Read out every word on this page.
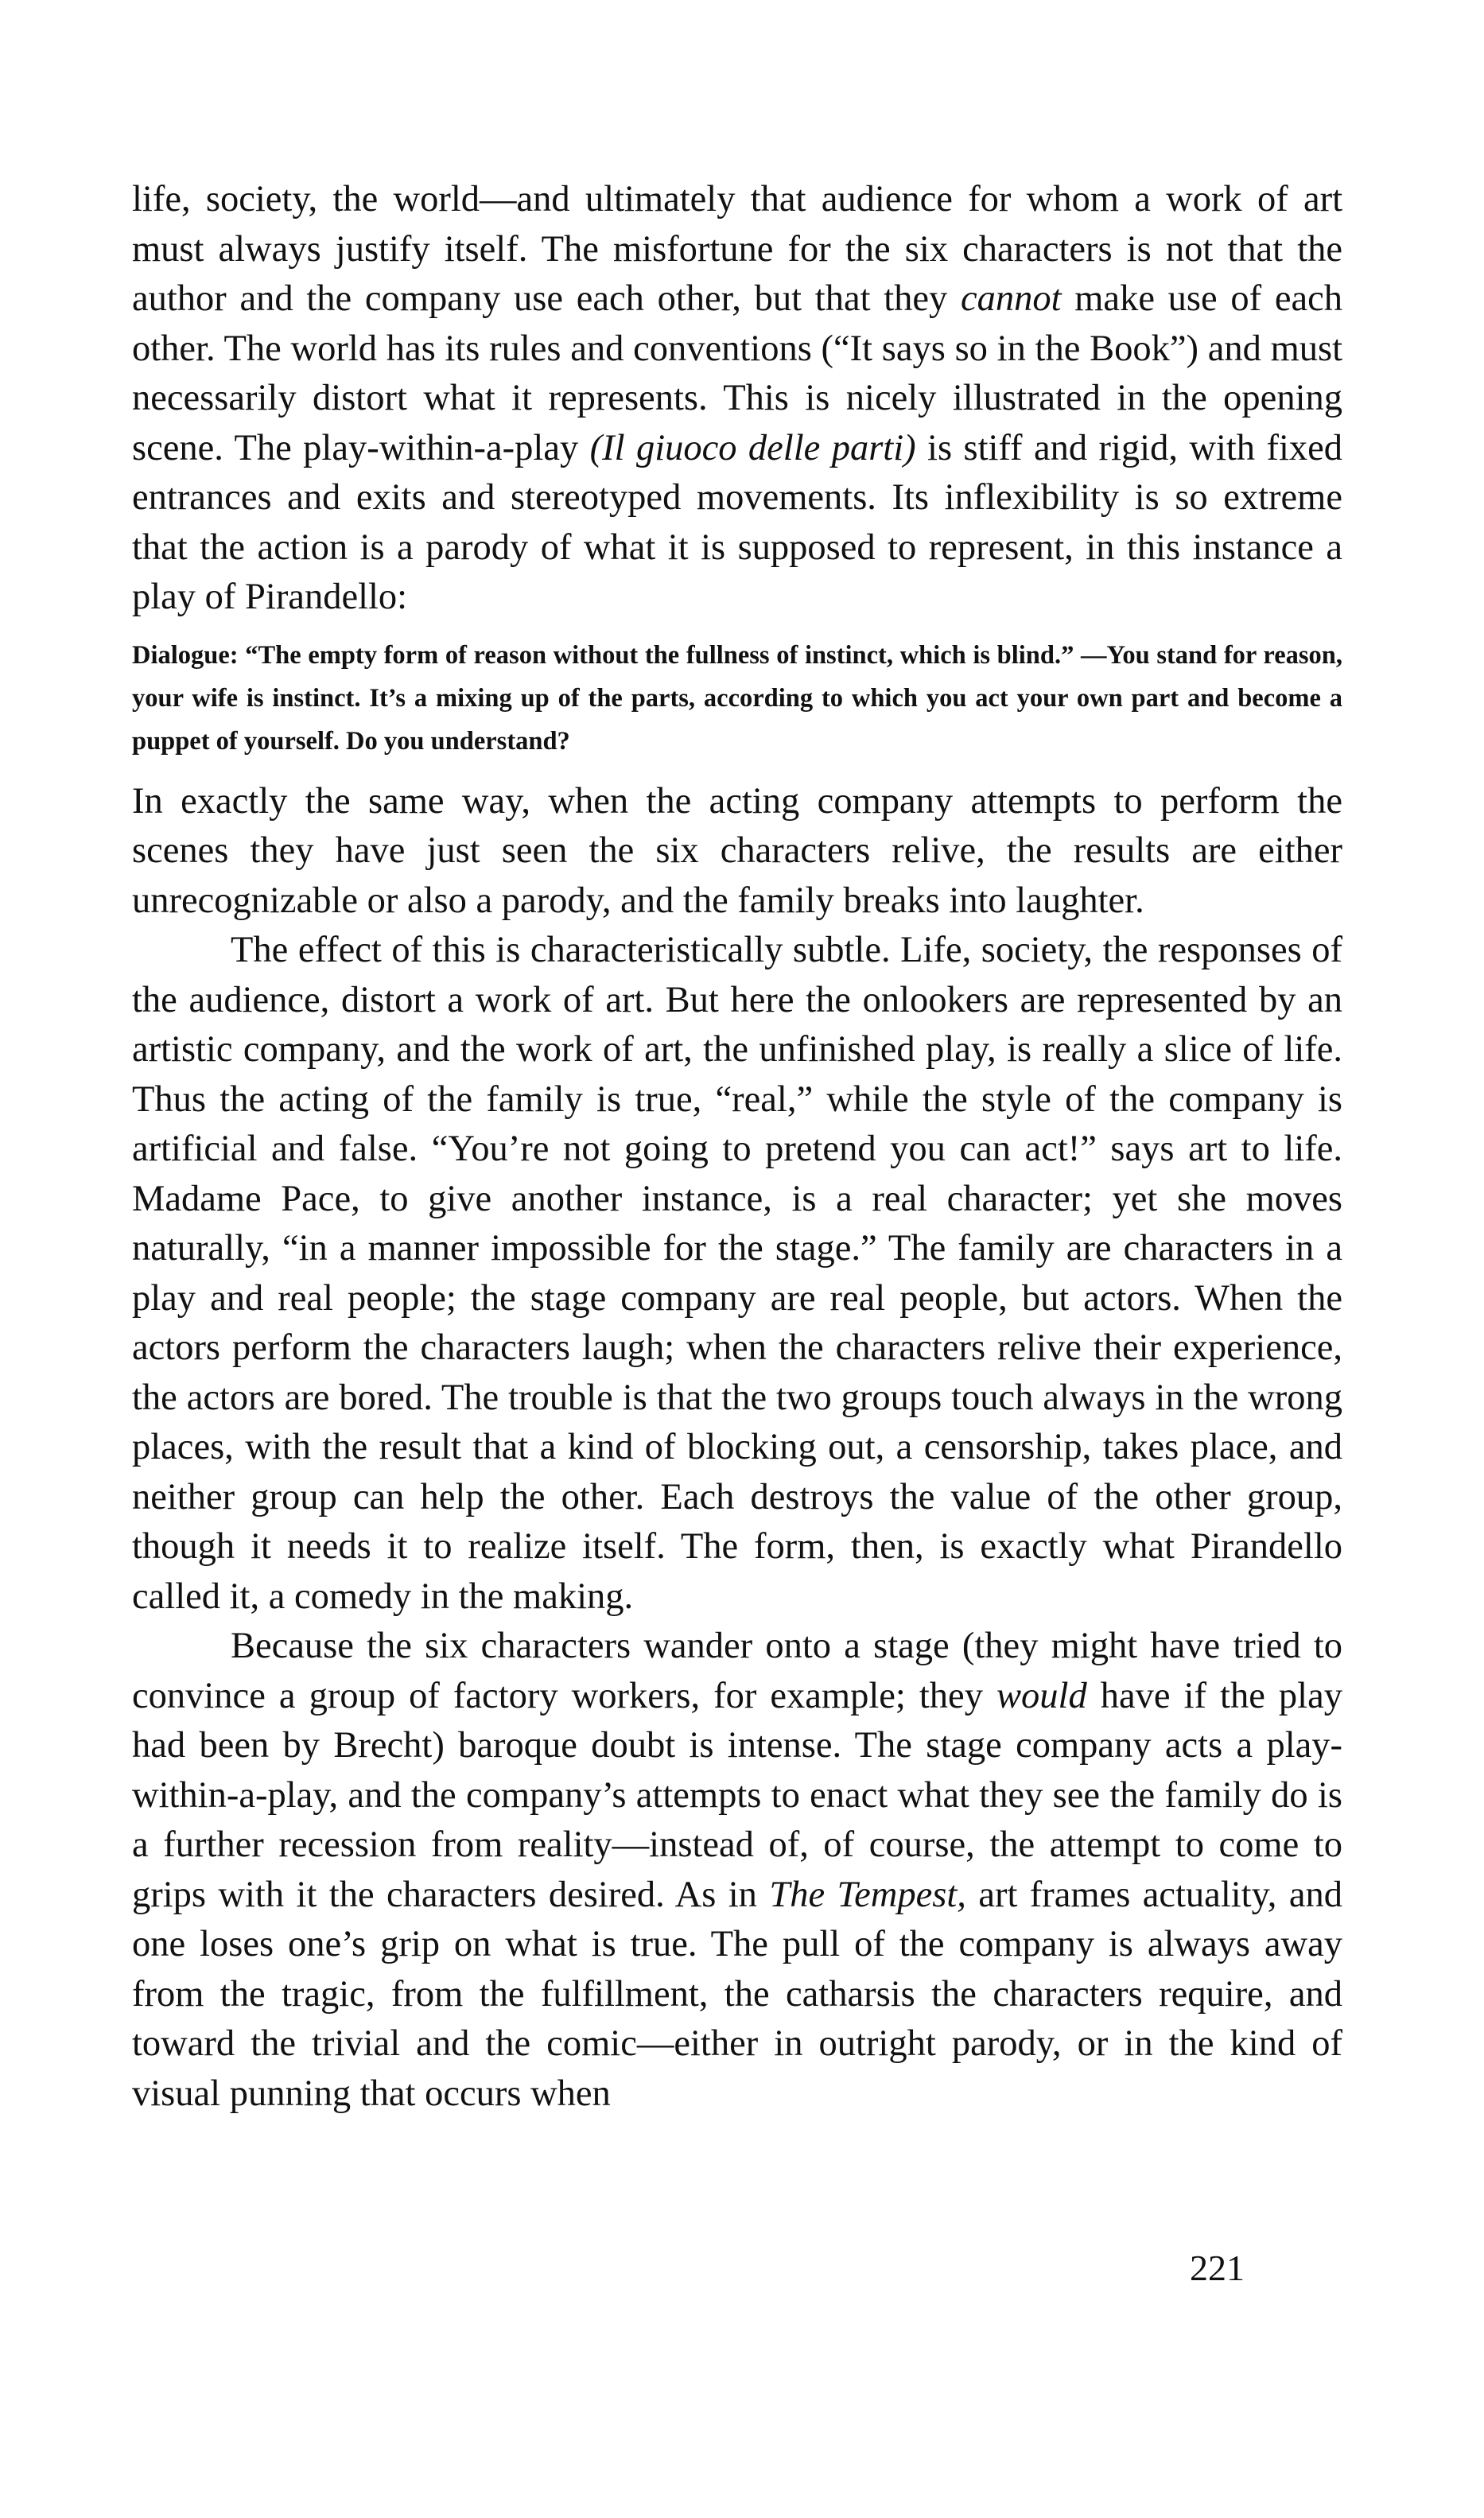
life, society, the world—and ultimately that audience for whom a work of art must always justify itself. The misfortune for the six characters is not that the author and the company use each other, but that they cannot make use of each other. The world has its rules and conventions (“It says so in the Book”) and must necessarily distort what it represents. This is nicely illustrated in the opening scene. The play-within-a-play (Il giuoco delle parti) is stiff and rigid, with fixed entrances and exits and stereotyped movements. Its inflexibility is so extreme that the action is a parody of what it is supposed to represent, in this instance a play of Pirandello:

Dialogue: “The empty form of reason without the fullness of instinct, which is blind.” —You stand for reason, your wife is instinct. It’s a mixing up of the parts, according to which you act your own part and become a puppet of yourself. Do you understand?

In exactly the same way, when the acting company attempts to perform the scenes they have just seen the six characters relive, the results are either unrecognizable or also a parody, and the family breaks into laughter.

The effect of this is characteristically subtle. Life, society, the responses of the audience, distort a work of art. But here the onlookers are represented by an artistic company, and the work of art, the unfinished play, is really a slice of life. Thus the acting of the family is true, “real,” while the style of the company is artificial and false. “You’re not going to pretend you can act!” says art to life. Madame Pace, to give another instance, is a real character; yet she moves naturally, “in a manner impossible for the stage.” The family are characters in a play and real people; the stage company are real people, but actors. When the actors perform the characters laugh; when the characters relive their experience, the actors are bored. The trouble is that the two groups touch always in the wrong places, with the result that a kind of blocking out, a censorship, takes place, and neither group can help the other. Each destroys the value of the other group, though it needs it to realize itself. The form, then, is exactly what Pirandello called it, a comedy in the making.

Because the six characters wander onto a stage (they might have tried to convince a group of factory workers, for example; they would have if the play had been by Brecht) baroque doubt is intense. The stage company acts a play-within-a-play, and the company’s attempts to enact what they see the family do is a further recession from reality—instead of, of course, the attempt to come to grips with it the characters desired. As in The Tempest, art frames actuality, and one loses one’s grip on what is true. The pull of the company is always away from the tragic, from the fulfillment, the catharsis the characters require, and toward the trivial and the comic—either in outright parody, or in the kind of visual punning that occurs when

221
